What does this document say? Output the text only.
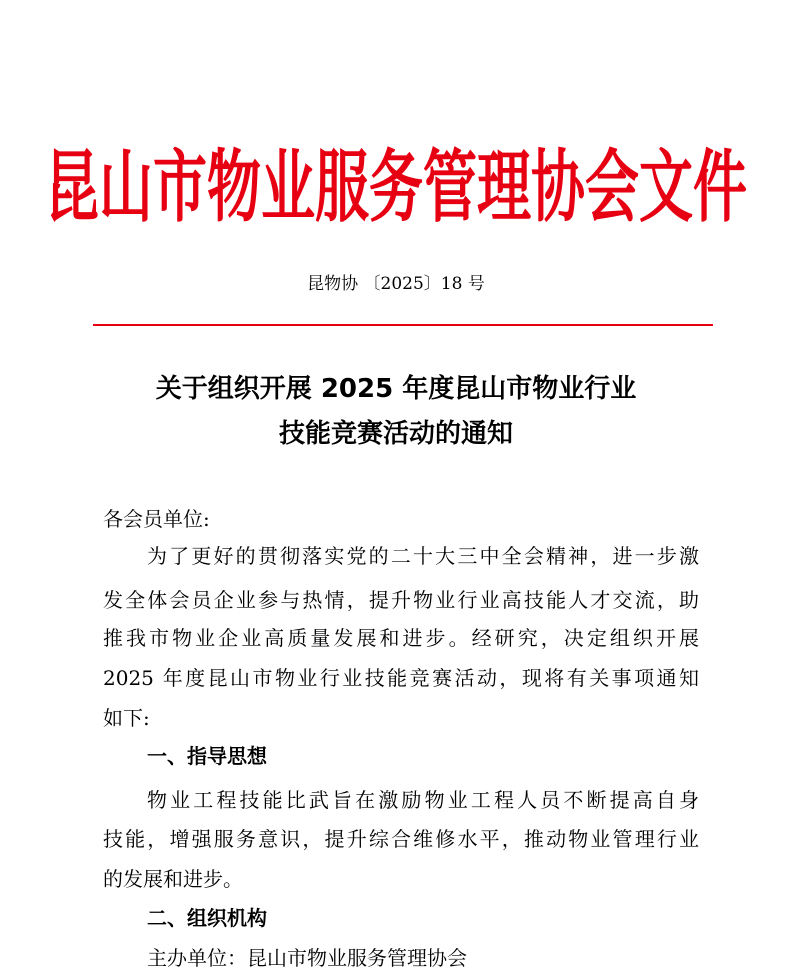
昆山市物业服务管理协会文件
昆物协 〔2025〕18 号
关于组织开展 2025 年度昆山市物业行业
技能竞赛活动的通知
各会员单位:
为了更好的贯彻落实党的二十大三中全会精神，进一步激
发全体会员企业参与热情，提升物业行业高技能人才交流，助
推我市物业企业高质量发展和进步。经研究，决定组织开展
2025 年度昆山市物业行业技能竞赛活动，现将有关事项通知
如下:
一、指导思想
物业工程技能比武旨在激励物业工程人员不断提高自身
技能，增强服务意识，提升综合维修水平，推动物业管理行业
的发展和进步。
二、组织机构
主办单位：昆山市物业服务管理协会
